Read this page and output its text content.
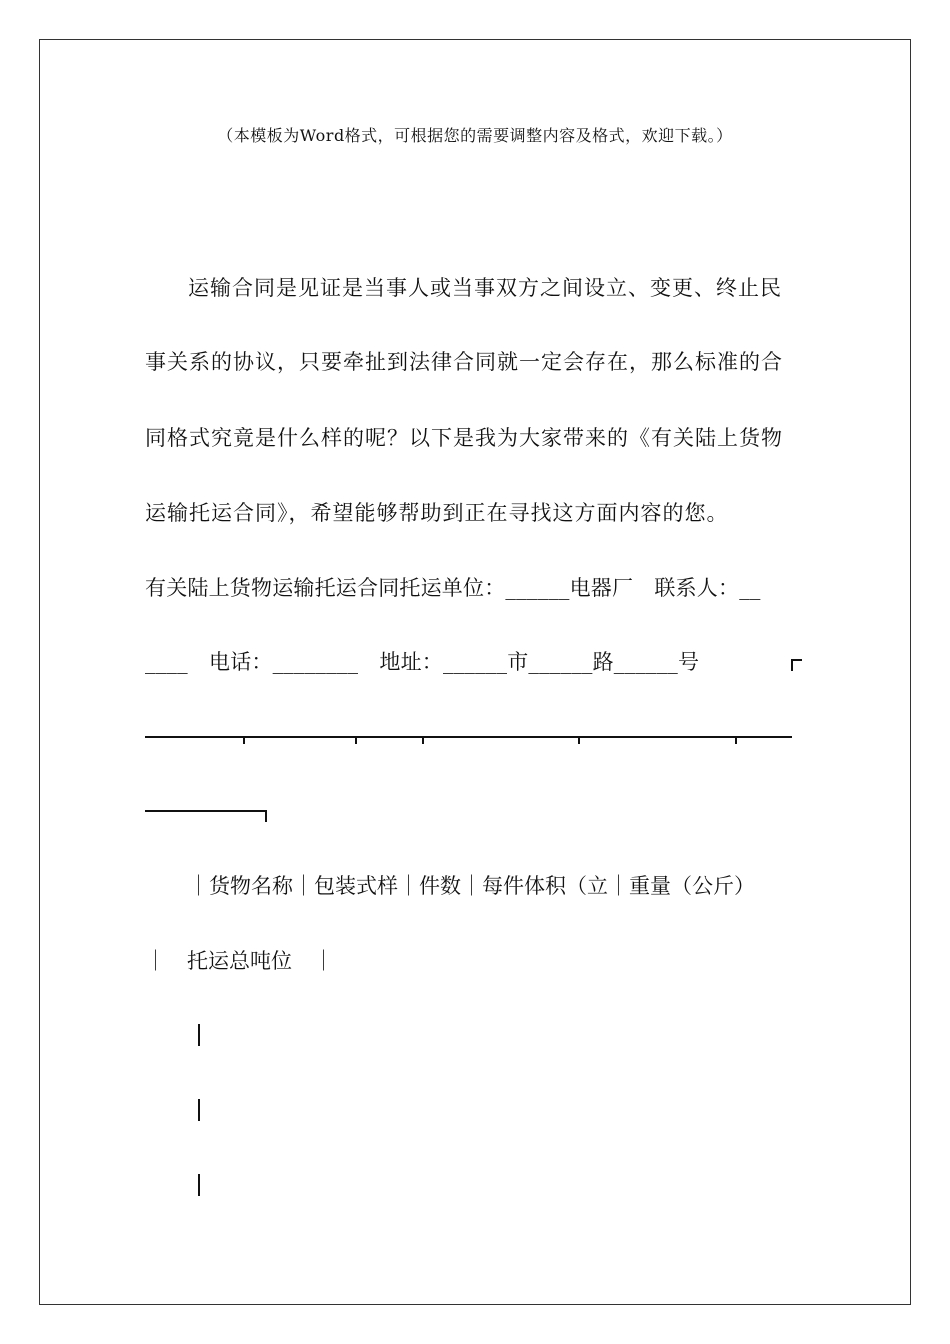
（本模板为Word格式，可根据您的需要调整内容及格式，欢迎下载。）
运输合同是见证是当事人或当事双方之间设立、变更、终止民
事关系的协议，只要牵扯到法律合同就一定会存在，那么标准的合
同格式究竟是什么样的呢？以下是我为大家带来的《有关陆上货物
运输托运合同》，希望能够帮助到正在寻找这方面内容的您。
有关陆上货物运输托运合同托运单位：______电器厂　联系人：__
____　电话：________　地址：______市______路______号
｜货物名称｜包装式样｜件数｜每件体积（立｜重量（公斤）
｜　托运总吨位　｜
